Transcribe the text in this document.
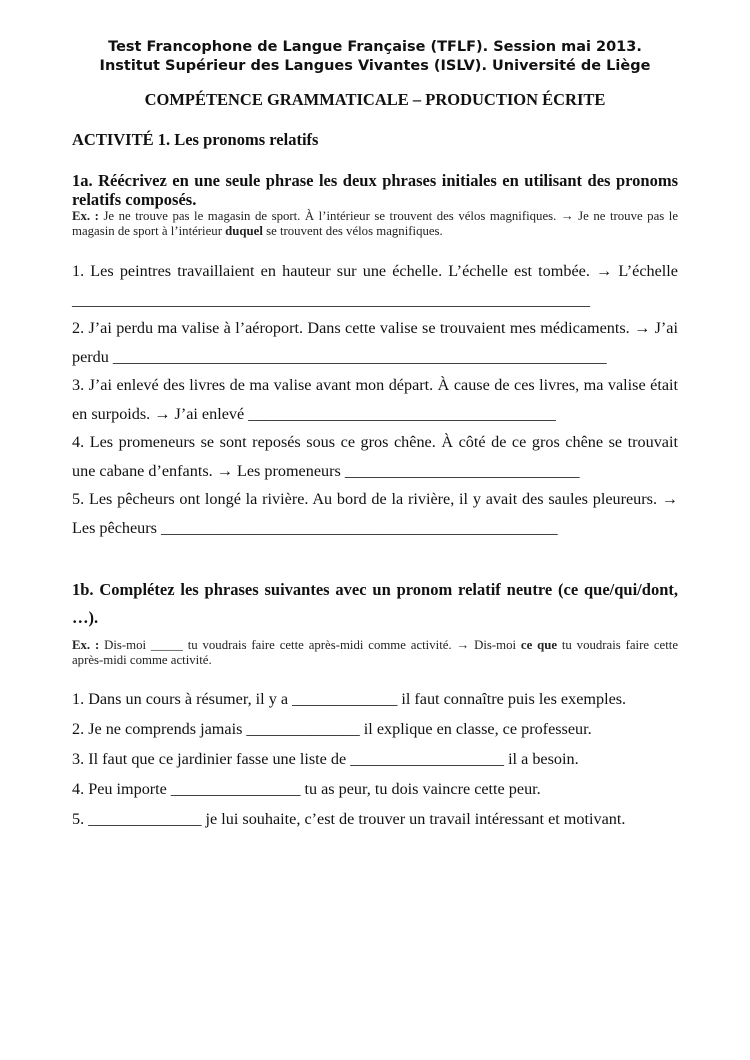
Test Francophone de Langue Française (TFLF). Session mai 2013.
Institut Supérieur des Langues Vivantes (ISLV). Université de Liège
COMPÉTENCE GRAMMATICALE – PRODUCTION ÉCRITE
ACTIVITÉ 1. Les pronoms relatifs
1a. Réécrivez en une seule phrase les deux phrases initiales en utilisant des pronoms relatifs composés.
Ex. : Je ne trouve pas le magasin de sport. À l’intérieur se trouvent des vélos magnifiques. → Je ne trouve pas le magasin de sport à l’intérieur duquel se trouvent des vélos magnifiques.

1. Les peintres travaillaient en hauteur sur une échelle. L’échelle est tombée. → L’échelle ________________________________________________________________

2. J’ai perdu ma valise à l’aéroport. Dans cette valise se trouvaient mes médicaments. → J’ai perdu _____________________________________________________________

3. J’ai enlevé des livres de ma valise avant mon départ. À cause de ces livres, ma valise était en surpoids. → J’ai enlevé ______________________________________

4. Les promeneurs se sont reposés sous ce gros chêne. À côté de ce gros chêne se trouvait une cabane d’enfants. → Les promeneurs _____________________________

5. Les pêcheurs ont longé la rivière. Au bord de la rivière, il y avait des saules pleureurs. → Les pêcheurs _________________________________________________

1b. Complétez les phrases suivantes avec un pronom relatif neutre (ce que/qui/dont, …).
Ex. : Dis-moi _____ tu voudrais faire cette après-midi comme activité. → Dis-moi ce que tu voudrais faire cette après-midi comme activité.

1. Dans un cours à résumer, il y a _____________ il faut connaître puis les exemples.

2. Je ne comprends jamais ______________ il explique en classe, ce professeur.

3. Il faut que ce jardinier fasse une liste de ___________________ il a besoin.

4. Peu importe ________________ tu as peur, tu dois vaincre cette peur.

5. ______________ je lui souhaite, c’est de trouver un travail intéressant et motivant.
